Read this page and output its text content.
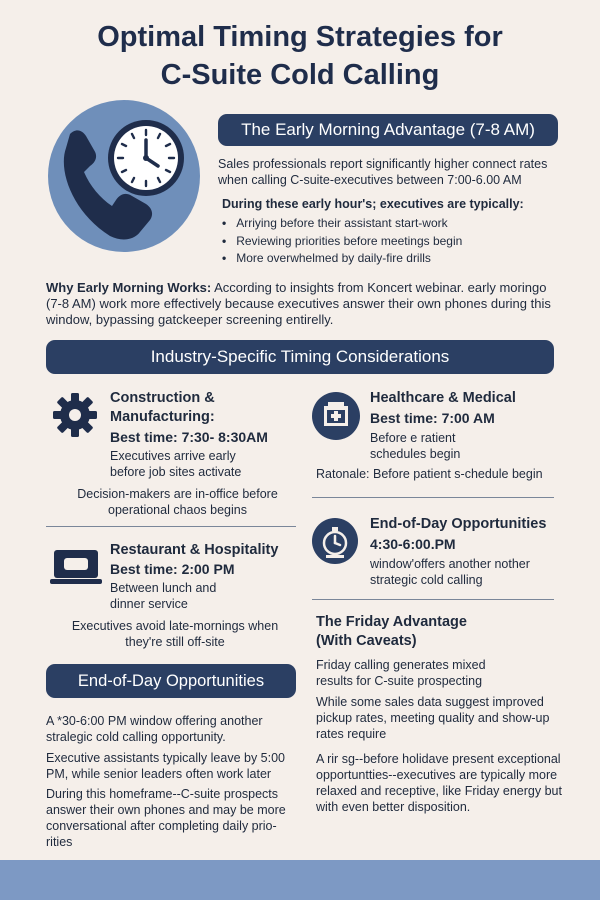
Optimal Timing Strategies for
C-Suite Cold Calling
The Early Morning Advantage (7-8 AM)
Sales professionals report significantly higher connect rates when calling C-suite-executives between 7:00-6.00 AM
During these early hour's; executives are typically:
• Arriying before their assistant start-work
• Reviewing priorities before meetings begin
• More overwhelmed by daily-fire drills
Why Early Morning Works: According to insights from Koncert webinar. early moringo (7-8 AM) work more effectively because executives answer their own phones during this window, bypassing gatckeeper screening entirelly.
Industry-Specific Timing Considerations
Construction & Manufacturing:
Best time: 7:30- 8:30AM
Executives arrive early before job sites activate
Decision-makers are in-office before operational chaos begins
Restaurant & Hospitality
Best time: 2:00 PM
Between lunch and dinner service
Executives avoid late-mornings when they're still off-site
Healthcare & Medical
Best time: 7:00 AM
Before e ratient schedules begin
Ratonale: Before patient s-chedule begin
End-of-Day Opportunities
4:30-6:00.PM
window'offers another nother strategic cold calling
The Friday Advantage (With Caveats)
Friday calling generates mixed results for C-suite prospecting
While some sales data suggest improved pickup rates, meeting quality and show-up rates require
A rir sg--before holidave present exceptional opportuntties--executives are typically more relaxed and receptive, like Friday energy but with even better disposition.
End-of-Day Opportunities
A *30-6:00 PM window offering another stralegic cold calling opportunity.
Executive assistants typically leave by 5:00 PM, while senior leaders often work later
During this homeframe--C-suite prospects answer their own phones and may be more conversational after completing daily prio-rities
